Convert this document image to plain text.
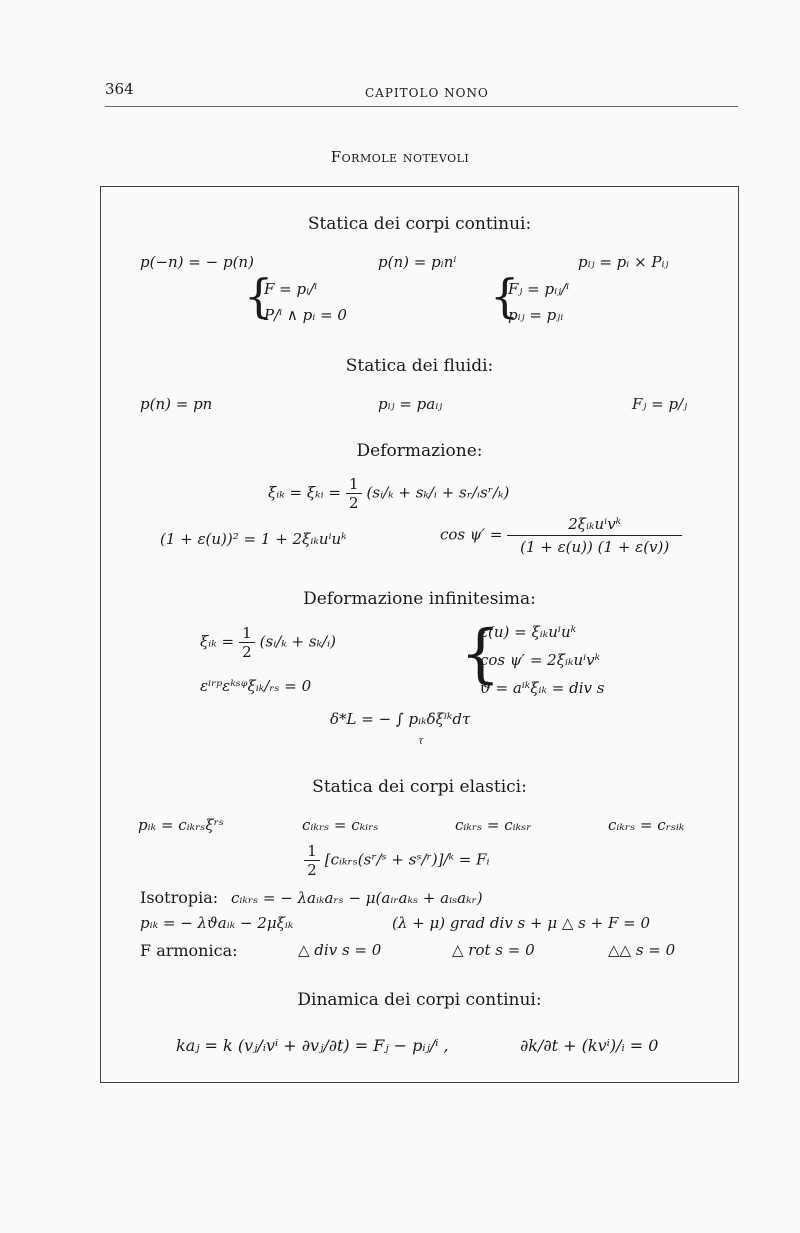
364	CAPITOLO NONO
Formole notevoli
Statica dei corpi continui:
p(−n) = − p(n)	p(n) = pᵢnⁱ	pᵢⱼ = pᵢ × Pᵢⱼ
{
F = pᵢ/ⁱ
P/ⁱ ∧ pᵢ = 0	{
Fⱼ = pᵢⱼ/ⁱ
pᵢⱼ = pⱼᵢ
Statica dei fluidi:
p(n) = pn	pᵢⱼ = paᵢⱼ	Fⱼ = p/ⱼ
Deformazione:
ξᵢₖ = ξₖᵢ = $\frac{1}{2}$ (sᵢ/ₖ + sₖ/ᵢ + sᵣ/ᵢsʳ/ₖ)
(1 + ε(u))² = 1 + 2ξᵢₖuⁱuᵏ	$\cos \psi' = \frac{\text{2ξᵢₖuⁱvᵏ}}{(1 + \varepsilon(u)) (1 + \varepsilon(v))}$
Deformazione infinitesima:
ξᵢₖ = $\frac{1}{2}$ (sᵢ/ₖ + sₖ/ᵢ)
εⁱʳᵖεᵏˢᵠξᵢₖ/ᵣₛ = 0 {
ε(u) = ξᵢₖuⁱuᵏ
cos ψ′ = 2ξᵢₖuⁱvᵏ
ϑ = aⁱᵏξᵢₖ = div s
δ*L = − ∫ pᵢₖδξⁱᵏdτ
τ
Statica dei corpi elastici:
pᵢₖ = cᵢₖᵣₛξʳˢ	cᵢₖᵣₛ = cₖᵢᵣₛ	cᵢₖᵣₛ = cᵢₖₛᵣ	cᵢₖᵣₛ = cᵣₛᵢₖ
$\frac{1}{2}$ [cᵢₖᵣₛ(sʳ/ˢ + sˢ/ʳ)]/ᵏ = Fᵢ
Isotropia: cᵢₖᵣₛ = − λaᵢₖaᵣₛ − μ(aᵢᵣaₖₛ + aᵢₛaₖᵣ)
pᵢₖ = − λϑaᵢₖ − 2μξᵢₖ	(λ + μ) grad div s + μ △ s + F = 0
F armonica:	△ div s = 0	△ rot s = 0	△△ s = 0
Dinamica dei corpi continui:
kaⱼ = k (vⱼ/ᵢvⁱ + ∂vⱼ/∂t) = Fⱼ − pᵢⱼ/ⁱ ,	∂k/∂t + (kvⁱ)/ᵢ = 0
